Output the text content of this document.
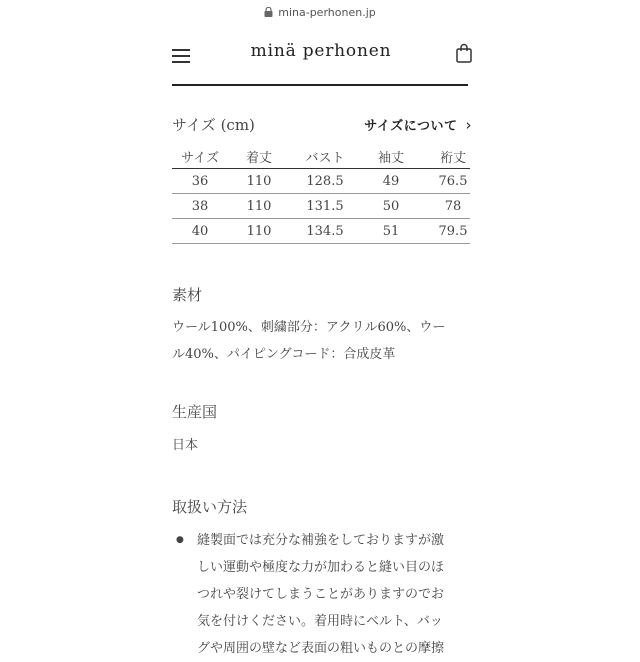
mina-perhonen.jp
minä perhonen
サイズ (cm)	サイズについて ›
サイズ	着丈	バスト	袖丈	裄丈
36	110	128.5	49	76.5
38	110	131.5	50	78
40	110	134.5	51	79.5
素材
ウール100%、刺繍部分：アクリル60%、ウー
ル40%、パイピングコード：合成皮革
生産国
日本
取扱い方法
● 縫製面では充分な補強をしておりますが激
しい運動や極度な力が加わると縫い目のほ
つれや裂けてしまうことがありますのでお
気を付けください。着用時にベルト、バッ
グや周囲の壁など表面の粗いものとの摩擦
